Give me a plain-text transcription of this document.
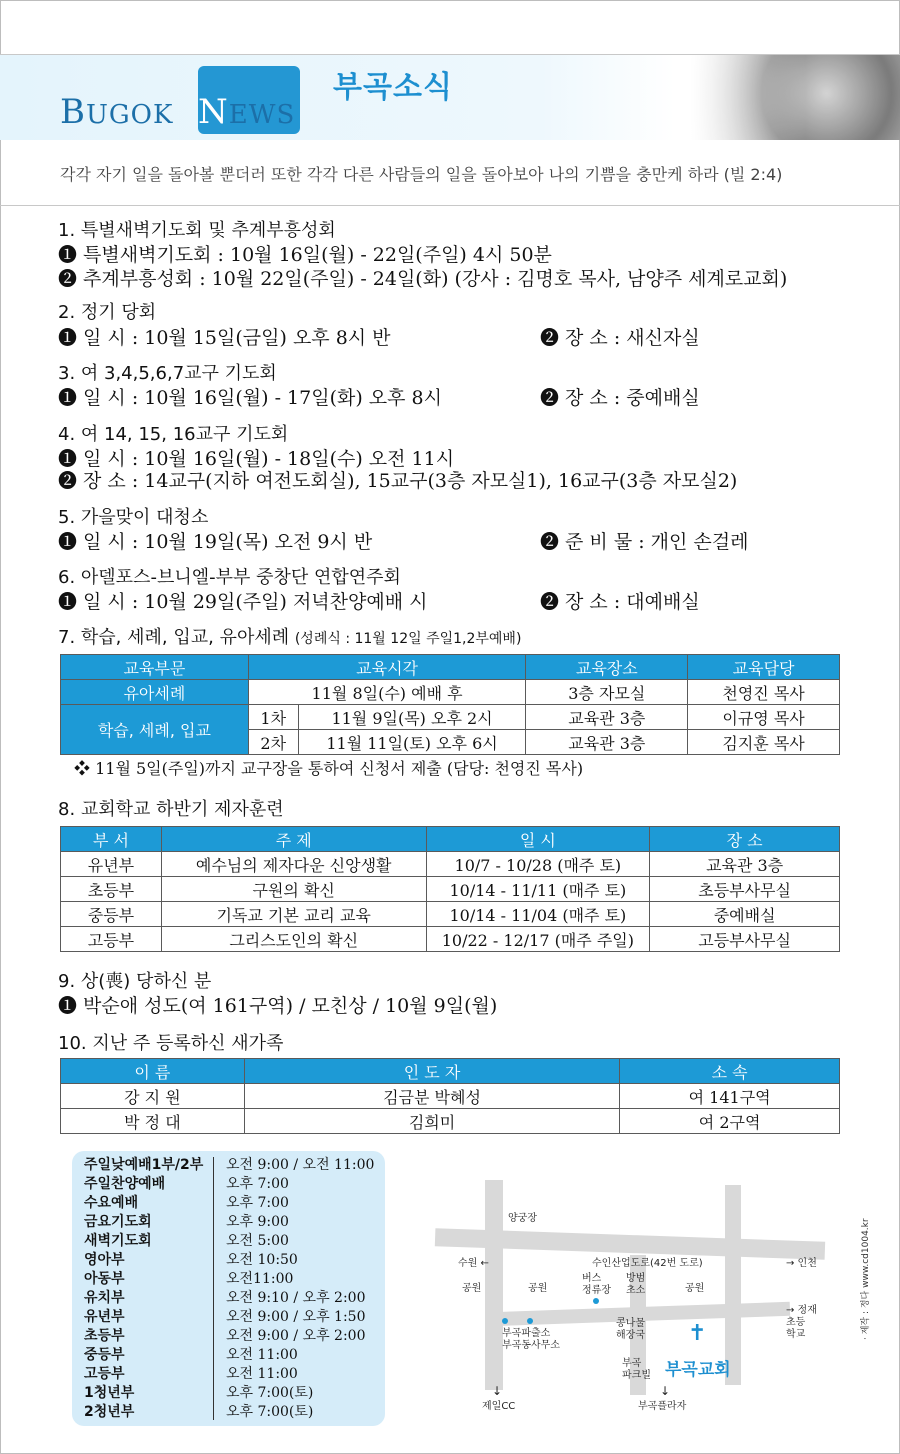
BUGOK NEWS
부곡소식
각각 자기 일을 돌아볼 뿐더러 또한 각각 다른 사람들의 일을 돌아보아 나의 기쁨을 충만케 하라 (빌 2:4)
1. 특별새벽기도회 및 추계부흥성회
❶ 특별새벽기도회 : 10월 16일(월) - 22일(주일) 4시 50분
❷ 추계부흥성회 : 10월 22일(주일) - 24일(화) (강사 : 김명호 목사, 남양주 세계로교회)
2. 정기 당회
❶ 일 시 : 10월 15일(금일) 오후 8시 반	❷ 장 소 : 새신자실
3. 여 3,4,5,6,7교구 기도회
❶ 일 시 : 10월 16일(월) - 17일(화) 오후 8시	❷ 장 소 : 중예배실
4. 여 14, 15, 16교구 기도회
❶ 일 시 : 10월 16일(월) - 18일(수) 오전 11시
❷ 장 소 : 14교구(지하 여전도회실), 15교구(3층 자모실1), 16교구(3층 자모실2)
5. 가을맞이 대청소
❶ 일 시 : 10월 19일(목) 오전 9시 반	❷ 준 비 물 : 개인 손걸레
6. 아델포스-브니엘-부부 중창단 연합연주회
❶ 일 시 : 10월 29일(주일) 저녁찬양예배 시	❷ 장 소 : 대예배실
7. 학습, 세례, 입교, 유아세례 (성례식 : 11월 12일 주일1,2부예배)
교육부문	교육시각		교육장소	교육담당
유아세례	11월 8일(수) 예배 후		3층 자모실	천영진 목사
학습, 세례, 입교	1차	11월 9일(목) 오후 2시	교육관 3층	이규영 목사
	2차	11월 11일(토) 오후 6시	교육관 3층	김지훈 목사
❖ 11월 5일(주일)까지 교구장을 통하여 신청서 제출 (담당: 천영진 목사)
8. 교회학교 하반기 제자훈련
부 서	주 제	일 시	장 소
유년부	예수님의 제자다운 신앙생활	10/7 - 10/28 (매주 토)	교육관 3층
초등부	구원의 확신	10/14 - 11/11 (매주 토)	초등부사무실
중등부	기독교 기본 교리 교육	10/14 - 11/04 (매주 토)	중예배실
고등부	그리스도인의 확신	10/22 - 12/17 (매주 주일)	고등부사무실
9. 상(喪) 당하신 분
❶ 박순애 성도(여 161구역) / 모친상 / 10월 9일(월)
10. 지난 주 등록하신 새가족
이 름	인 도 자	소 속
강 지 원	김금분 박혜성	여 141구역
박 정 대	김희미	여 2구역
주일낮예배1부/2부 오전 9:00 / 오전 11:00
주일찬양예배	오후 7:00
수요예배	오후 7:00
금요기도회	오후 9:00
새벽기도회	오전 5:00
영아부	오전 10:50
아동부	오전11:00
유치부	오전 9:10 / 오후 2:00
유년부	오전 9:00 / 오후 1:50
초등부	오전 9:00 / 오후 2:00
중등부	오전 11:00
고등부	오전 11:00
1청년부	오후 7:00(토)
2청년부	오후 7:00(토)
양궁장
수원 ←	수인산업도로(42번 도로)	→ 인천
공원	공원	공원
버스
정류장
방범
초소
→ 정재
초등
학교
부곡파출소
부곡동사무소
콩나물
해장국
부곡
파크빌
✝
부곡교회
↓
제일CC
↓
부곡플라자
· 제작 : 정다 www.cd1004.kr
